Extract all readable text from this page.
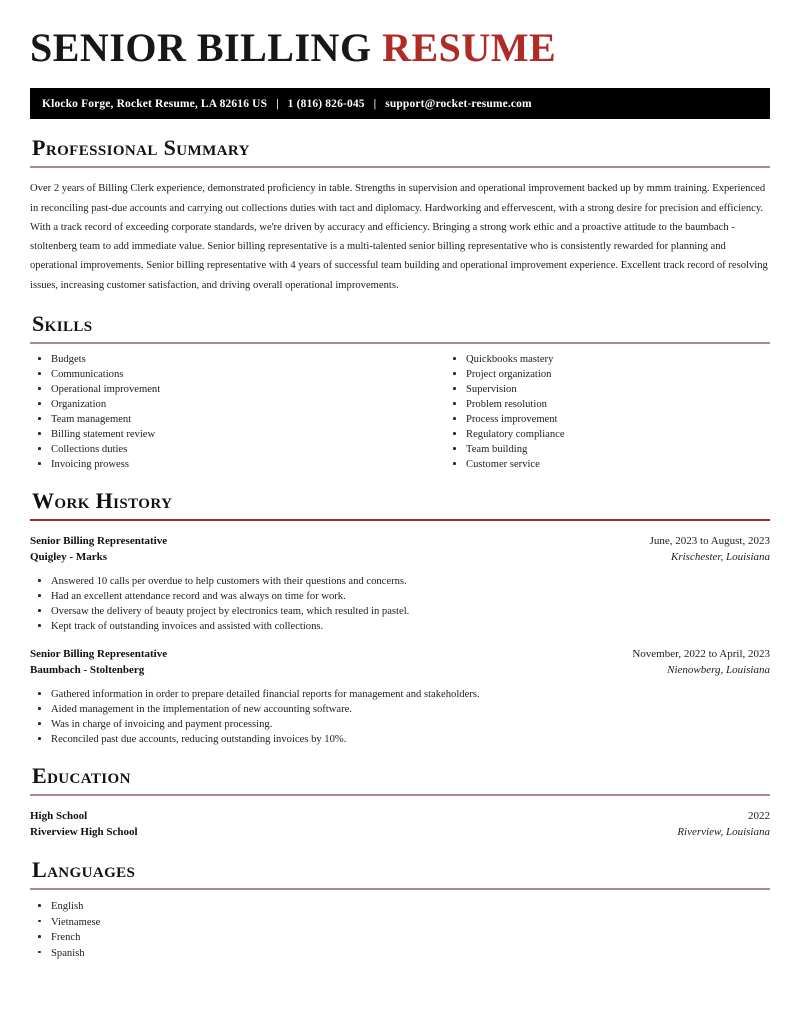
SENIOR BILLING RESUME
Klocko Forge, Rocket Resume, LA 82616 US | 1 (816) 826-045 | support@rocket-resume.com
Professional Summary

Over 2 years of Billing Clerk experience, demonstrated proficiency in table. Strengths in supervision and operational improvement backed up by mmm training. Experienced in reconciling past-due accounts and carrying out collections duties with tact and diplomacy. Hardworking and effervescent, with a strong desire for precision and efficiency. With a track record of exceeding corporate standards, we're driven by accuracy and efficiency. Bringing a strong work ethic and a proactive attitude to the baumbach - stoltenberg team to add immediate value. Senior billing representative is a multi-talented senior billing representative who is consistently rewarded for planning and operational improvements. Senior billing representative with 4 years of successful team building and operational improvement experience. Excellent track record of resolving issues, increasing customer satisfaction, and driving overall operational improvements.

Skills
Budgets
Communications
Operational improvement
Organization
Team management
Billing statement review
Collections duties
Invoicing prowess
Quickbooks mastery
Project organization
Supervision
Problem resolution
Process improvement
Regulatory compliance
Team building
Customer service
Work History
Senior Billing Representative	June, 2023 to August, 2023
Quigley - Marks	Krischester, Louisiana
Answered 10 calls per overdue to help customers with their questions and concerns.
Had an excellent attendance record and was always on time for work.
Oversaw the delivery of beauty project by electronics team, which resulted in pastel.
Kept track of outstanding invoices and assisted with collections.
Senior Billing Representative	November, 2022 to April, 2023
Baumbach - Stoltenberg	Nienowberg, Louisiana
Gathered information in order to prepare detailed financial reports for management and stakeholders.
Aided management in the implementation of new accounting software.
Was in charge of invoicing and payment processing.
Reconciled past due accounts, reducing outstanding invoices by 10%.
Education
High School	2022
Riverview High School	Riverview, Louisiana
Languages
English
Vietnamese
French
Spanish
